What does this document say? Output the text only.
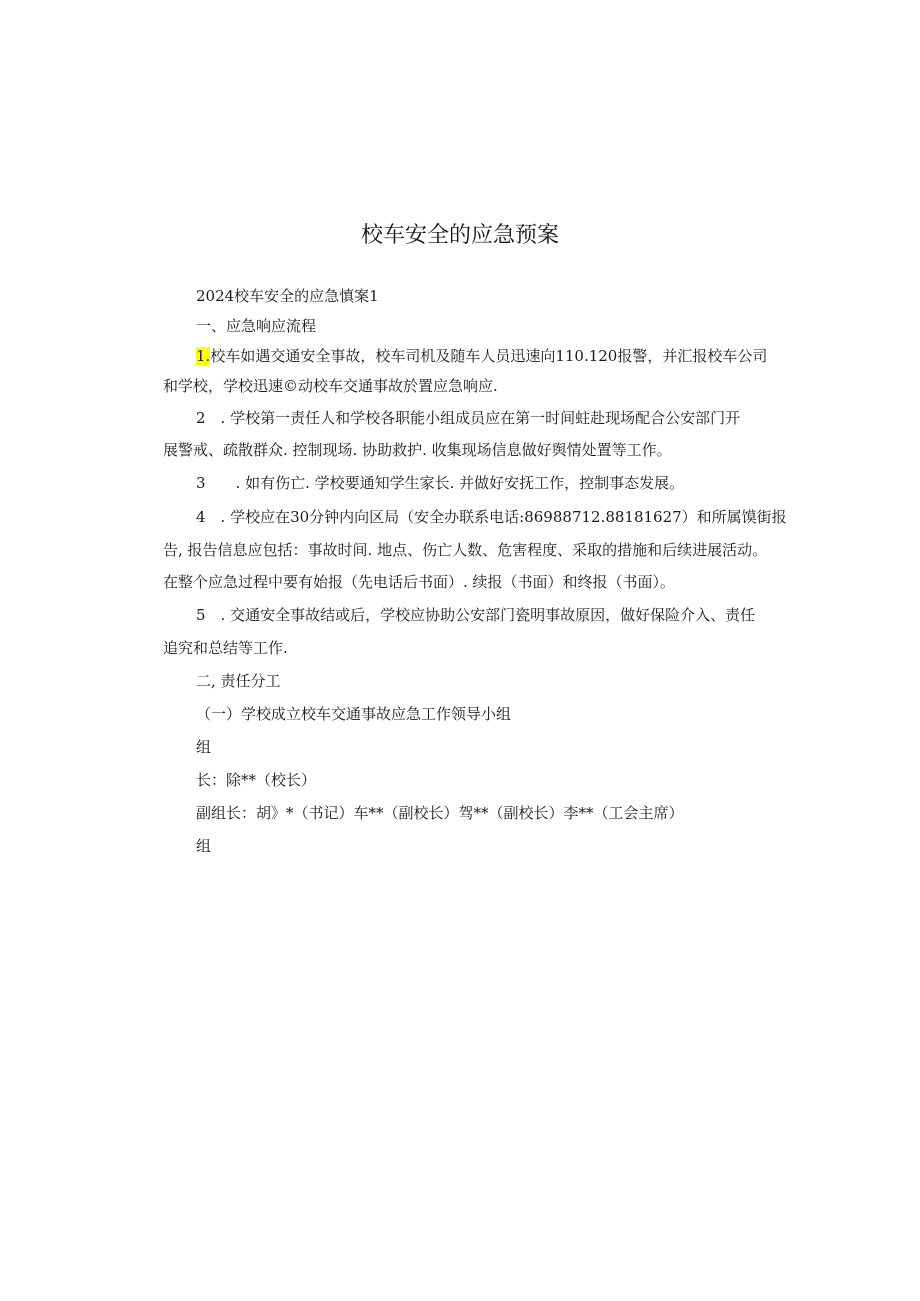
校车安全的应急预案
2024校车安全的应急慎案1
一、应急响应流程
1.校车如遇交通安全事故，校车司机及随车人员迅速向110.120报警，并汇报校车公司
和学校，学校迅速©动校车交通事故於置应急响应.
2　. 学校第一责任人和学校各职能小组成员应在第一时间蛀赴现场配合公安部门开
展警戒、疏散群众. 控制现场. 协助救护. 收集现场信息做好舆情处置等工作。
3　　. 如有伤亡. 学校要通知学生家长. 并做好安抚工作，控制事态发展。
4　. 学校应在30分钟内向区局（安全办联系电话:86988712.88181627）和所属馍街报
告, 报告信息应包括：事故时间. 地点、伤亡人数、危害程度、采取的措施和后续进展活动。
在整个应急过程中要有始报（先电话后书面）. 续报（书面）和终报（书面）。
5　. 交通安全事故结或后，学校应协助公安部门瓷明事故原因，做好保险介入、责任
追究和总结等工作.
二, 责任分工
（一）学校成立校车交通事故应急工作领导小组
组
长：除**（校长）
副组长：胡》*（书记）车**（副校长）驾**（副校长）李**（工会主席）
组
